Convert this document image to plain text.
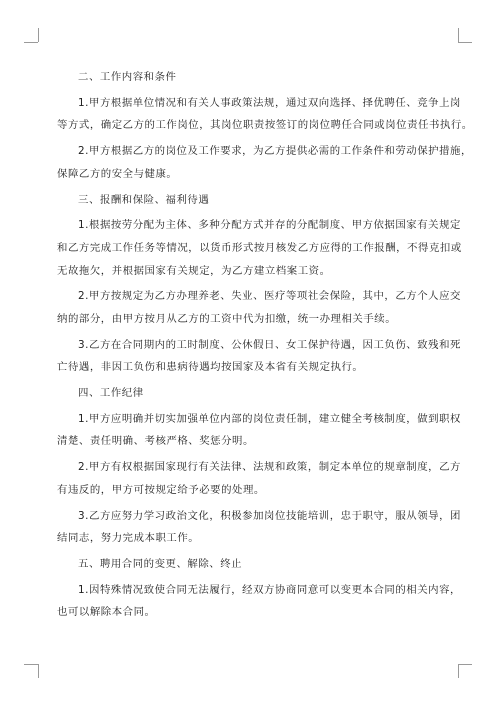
二、工作内容和条件
1.甲方根据单位情况和有关人事政策法规，通过双向选择、择优聘任、竞争上岗
等方式，确定乙方的工作岗位，其岗位职责按签订的岗位聘任合同或岗位责任书执行。
2.甲方根据乙方的岗位及工作要求，为乙方提供必需的工作条件和劳动保护措施，
保障乙方的安全与健康。
三、报酬和保险、福利待遇
1.根据按劳分配为主体、多种分配方式并存的分配制度、甲方依据国家有关规定
和乙方完成工作任务等情况，以货币形式按月核发乙方应得的工作报酬，不得克扣或
无故拖欠，并根据国家有关规定，为乙方建立档案工资。
2.甲方按规定为乙方办理养老、失业、医疗等项社会保险，其中，乙方个人应交
纳的部分，由甲方按月从乙方的工资中代为扣缴，统一办理相关手续。
3.乙方在合同期内的工时制度、公休假日、女工保护待遇，因工负伤、致残和死
亡待遇，非因工负伤和患病待遇均按国家及本省有关规定执行。
四、工作纪律
1.甲方应明确并切实加强单位内部的岗位责任制，建立健全考核制度，做到职权
清楚、责任明确、考核严格、奖惩分明。
2.甲方有权根据国家现行有关法律、法规和政策，制定本单位的规章制度，乙方
有违反的，甲方可按规定给予必要的处理。
3.乙方应努力学习政治文化，积极参加岗位技能培训，忠于职守，服从领导，团
结同志，努力完成本职工作。
五、聘用合同的变更、解除、终止
1.因特殊情况致使合同无法履行，经双方协商同意可以变更本合同的相关内容，
也可以解除本合同。
